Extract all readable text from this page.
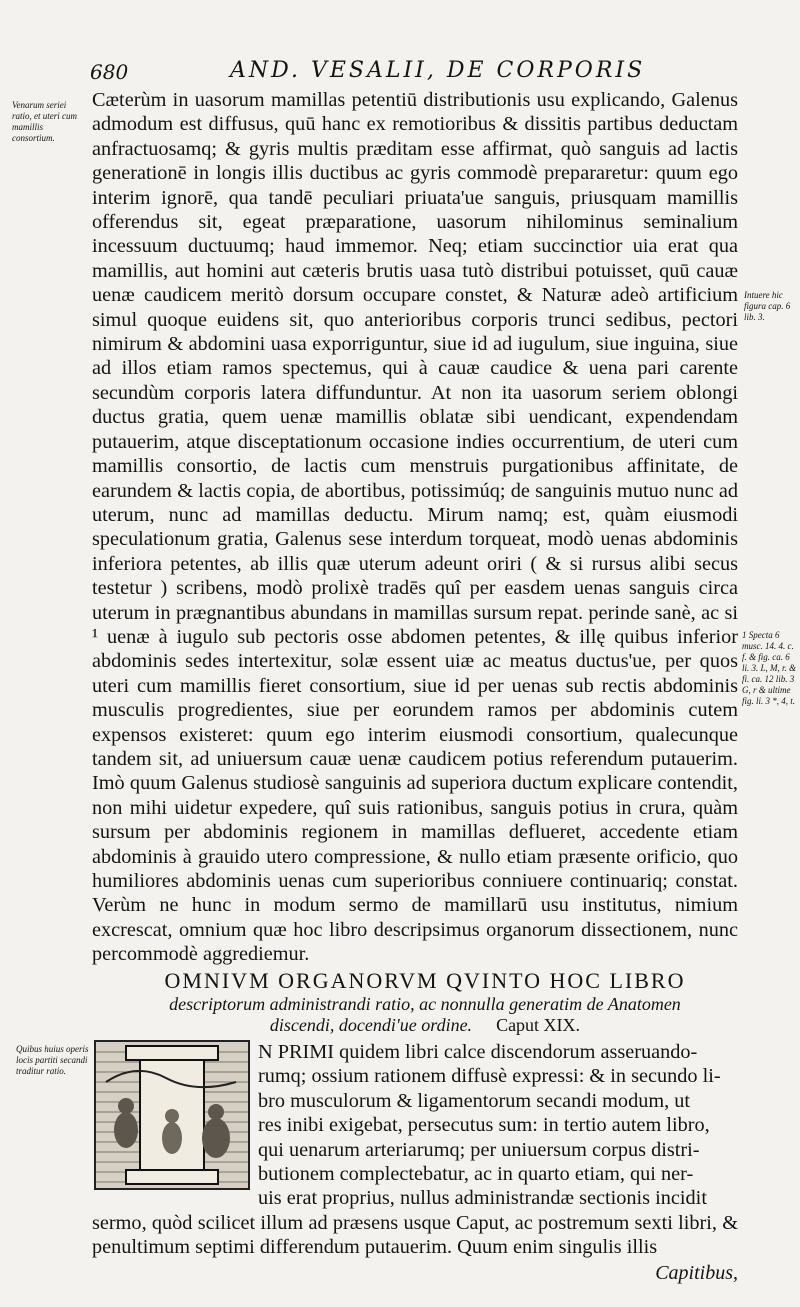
680	AND. VESALII, DE CORPORIS
Venarum seriei ratio, et uteri cum mamillis consortium.
Intuere hic figura cap. 6 lib. 3.
1 Specta 6 musc. 14. 4. c. f. & fig. ca. 6 li. 3. L, M, r. & fi. ca. 12 lib. 3 G, r & ultime fig. li. 3 *, 4, t.
Quibus huius operis locis partiti secandi traditur ratio.

Cæterùm in uasorum mamillas petentiū distributionis usu explicando, Galenus admodum est diffusus, quū hanc ex remotioribus & dissitis partibus deductam anfractuosamq; & gyris multis præditam esse affirmat, quò sanguis ad lactis generationē in longis illis ductibus ac gyris commodè prepararetur: quum ego interim ignorē, qua tandē peculiari priuata'ue sanguis, priusquam mamillis offerendus sit, egeat præparatione, uasorum nihilominus seminalium incessuum ductuumq; haud immemor. Neq; etiam succinctior uia erat qua mamillis, aut homini aut cæteris brutis uasa tutò distribui potuisset, quū cauæ uenæ caudicem meritò dorsum occupare constet, & Naturæ adeò artificium simul quoque euidens sit, quo anterioribus corporis trunci sedibus, pectori nimirum & abdomini uasa exporriguntur, siue id ad iugulum, siue inguina, siue ad illos etiam ramos spectemus, qui à cauæ caudice & uena pari carente secundùm corporis latera diffunduntur. At non ita uasorum seriem oblongi ductus gratia, quem uenæ mamillis oblatæ sibi uendicant, expendendam putauerim, atque disceptationum occasione indies occurrentium, de uteri cum mamillis consortio, de lactis cum menstruis purgationibus affinitate, de earundem & lactis copia, de abortibus, potissimúq; de sanguinis mutuo nunc ad uterum, nunc ad mamillas deductu. Mirum namq; est, quàm eiusmodi speculationum gratia, Galenus sese interdum torqueat, modò uenas abdominis inferiora petentes, ab illis quæ uterum adeunt oriri ( & si rursus alibi secus testetur ) scribens, modò prolixè tradēs quî per easdem uenas sanguis circa uterum in prægnantibus abundans in mamillas sursum repat. perinde sanè, ac si ¹ uenæ à iugulo sub pectoris osse abdomen petentes, & illę quibus inferior abdominis sedes intertexitur, solæ essent uiæ ac meatus ductus'ue, per quos uteri cum mamillis fieret consortium, siue id per uenas sub rectis abdominis musculis progredientes, siue per eorundem ramos per abdominis cutem expensos existeret: quum ego interim eiusmodi consortium, qualecunque tandem sit, ad uniuersum cauæ uenæ caudicem potius referendum putauerim. Imò quum Galenus studiosè sanguinis ad superiora ductum explicare contendit, non mihi uidetur expedere, quî suis rationibus, sanguis potius in crura, quàm sursum per abdominis regionem in mamillas deflueret, accedente etiam abdominis à grauido utero compressione, & nullo etiam præsente orificio, quo humiliores abdominis uenas cum superioribus conniuere continuariq; constat. Verùm ne hunc in modum sermo de mamillarū usu institutus, nimium excrescat, omnium quæ hoc libro descripsimus organorum dissectionem, nunc percommodè aggrediemur.

OMNIVM ORGANORVM QVINTO HOC LIBRO
descriptorum administrandi ratio, ac nonnulla generatim de Anatomen
discendi, docendi'ue ordine. Caput XIX.
N PRIMI quidem libri calce discendorum asseruando-
rumq; ossium rationem diffusè expressi: & in secundo li-
bro musculorum & ligamentorum secandi modum, ut
res inibi exigebat, persecutus sum: in tertio autem libro,
qui uenarum arteriarumq; per uniuersum corpus distri-
butionem complectebatur, ac in quarto etiam, qui ner-
uis erat proprius, nullus administrandæ sectionis incidit
sermo, quòd scilicet illum ad præsens usque Caput, ac postremum sexti libri, & penultimum septimi differendum putauerim. Quum enim singulis illis
Capitibus,
